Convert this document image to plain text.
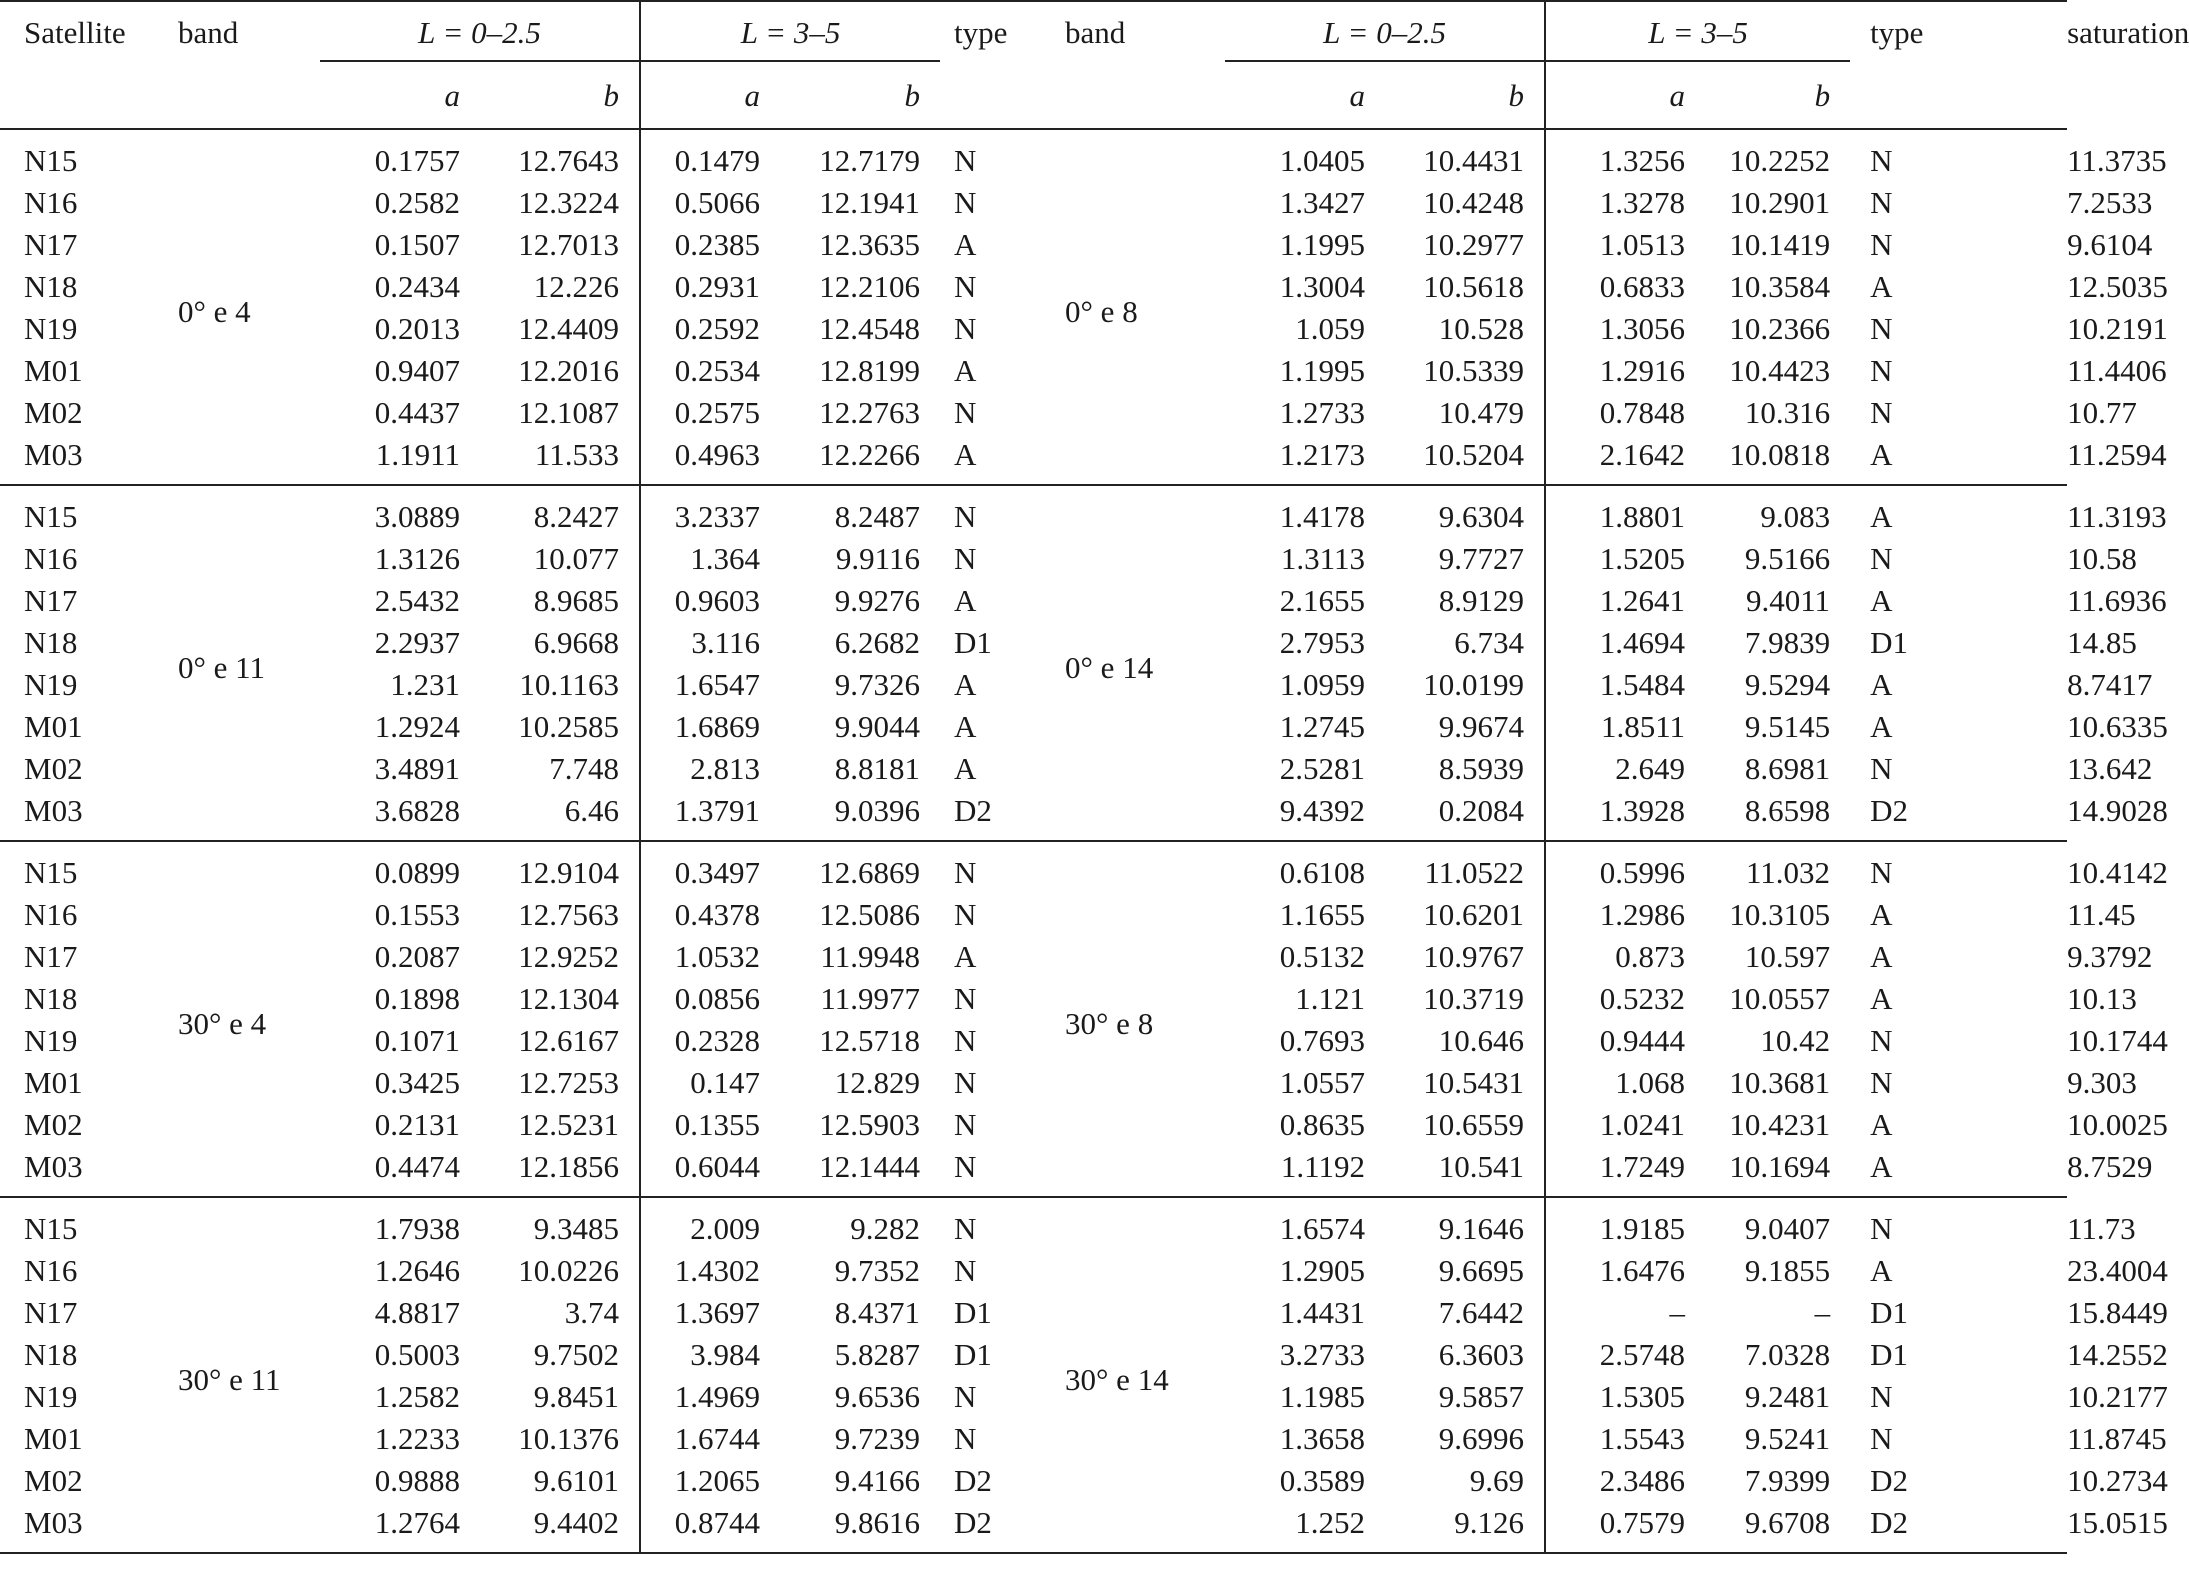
Satellite	band	L = 0–2.5		L = 3–5		type	band	L = 0–2.5		L = 3–5		type	saturation
		a	b	a	b			a	b	a	b		
N15	0° e 4	0.1757	12.7643	0.1479	12.7179	N	0° e 8	1.0405	10.4431	1.3256	10.2252	N	11.3735
N16		0.2582	12.3224	0.5066	12.1941	N		1.3427	10.4248	1.3278	10.2901	N	7.2533
N17		0.1507	12.7013	0.2385	12.3635	A		1.1995	10.2977	1.0513	10.1419	N	9.6104
N18		0.2434	12.226	0.2931	12.2106	N		1.3004	10.5618	0.6833	10.3584	A	12.5035
N19		0.2013	12.4409	0.2592	12.4548	N		1.059	10.528	1.3056	10.2366	N	10.2191
M01		0.9407	12.2016	0.2534	12.8199	A		1.1995	10.5339	1.2916	10.4423	N	11.4406
M02		0.4437	12.1087	0.2575	12.2763	N		1.2733	10.479	0.7848	10.316	N	10.77
M03		1.1911	11.533	0.4963	12.2266	A		1.2173	10.5204	2.1642	10.0818	A	11.2594
N15	0° e 11	3.0889	8.2427	3.2337	8.2487	N	0° e 14	1.4178	9.6304	1.8801	9.083	A	11.3193
N16		1.3126	10.077	1.364	9.9116	N		1.3113	9.7727	1.5205	9.5166	N	10.58
N17		2.5432	8.9685	0.9603	9.9276	A		2.1655	8.9129	1.2641	9.4011	A	11.6936
N18		2.2937	6.9668	3.116	6.2682	D1		2.7953	6.734	1.4694	7.9839	D1	14.85
N19		1.231	10.1163	1.6547	9.7326	A		1.0959	10.0199	1.5484	9.5294	A	8.7417
M01		1.2924	10.2585	1.6869	9.9044	A		1.2745	9.9674	1.8511	9.5145	A	10.6335
M02		3.4891	7.748	2.813	8.8181	A		2.5281	8.5939	2.649	8.6981	N	13.642
M03		3.6828	6.46	1.3791	9.0396	D2		9.4392	0.2084	1.3928	8.6598	D2	14.9028
N15	30° e 4	0.0899	12.9104	0.3497	12.6869	N	30° e 8	0.6108	11.0522	0.5996	11.032	N	10.4142
N16		0.1553	12.7563	0.4378	12.5086	N		1.1655	10.6201	1.2986	10.3105	A	11.45
N17		0.2087	12.9252	1.0532	11.9948	A		0.5132	10.9767	0.873	10.597	A	9.3792
N18		0.1898	12.1304	0.0856	11.9977	N		1.121	10.3719	0.5232	10.0557	A	10.13
N19		0.1071	12.6167	0.2328	12.5718	N		0.7693	10.646	0.9444	10.42	N	10.1744
M01		0.3425	12.7253	0.147	12.829	N		1.0557	10.5431	1.068	10.3681	N	9.303
M02		0.2131	12.5231	0.1355	12.5903	N		0.8635	10.6559	1.0241	10.4231	A	10.0025
M03		0.4474	12.1856	0.6044	12.1444	N		1.1192	10.541	1.7249	10.1694	A	8.7529
N15	30° e 11	1.7938	9.3485	2.009	9.282	N	30° e 14	1.6574	9.1646	1.9185	9.0407	N	11.73
N16		1.2646	10.0226	1.4302	9.7352	N		1.2905	9.6695	1.6476	9.1855	A	23.4004
N17		4.8817	3.74	1.3697	8.4371	D1		1.4431	7.6442	–	–	D1	15.8449
N18		0.5003	9.7502	3.984	5.8287	D1		3.2733	6.3603	2.5748	7.0328	D1	14.2552
N19		1.2582	9.8451	1.4969	9.6536	N		1.1985	9.5857	1.5305	9.2481	N	10.2177
M01		1.2233	10.1376	1.6744	9.7239	N		1.3658	9.6996	1.5543	9.5241	N	11.8745
M02		0.9888	9.6101	1.2065	9.4166	D2		0.3589	9.69	2.3486	7.9399	D2	10.2734
M03		1.2764	9.4402	0.8744	9.8616	D2		1.252	9.126	0.7579	9.6708	D2	15.0515
